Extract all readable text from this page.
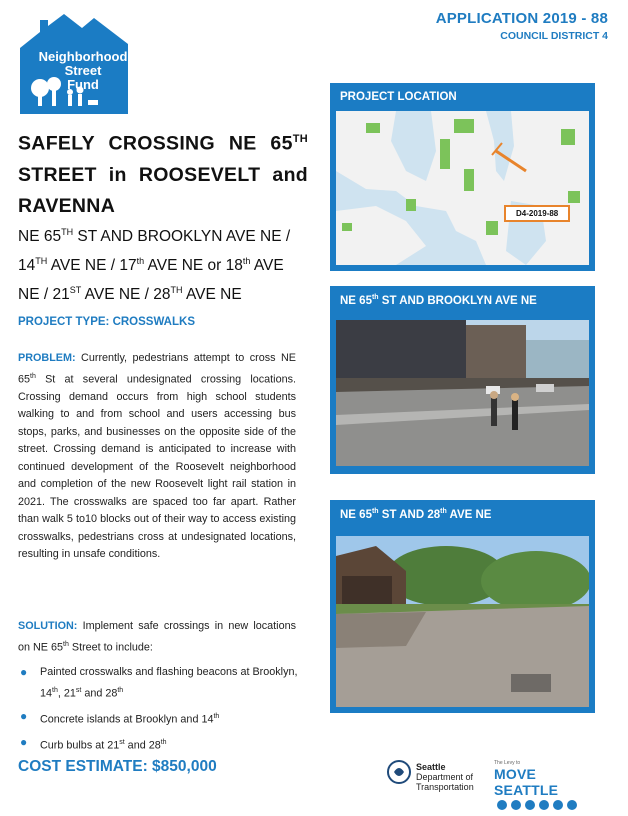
Neighborhood
Street
Fund
APPLICATION 2019 - 88
COUNCIL DISTRICT 4
SAFELY CROSSING NE 65TH STREET in ROOSEVELT and RAVENNA
NE 65TH ST AND BROOKLYN AVE NE / 14TH AVE NE / 17th AVE NE or 18th AVE NE / 21ST AVE NE / 28TH AVE NE
PROJECT TYPE: CROSSWALKS
PROBLEM: Currently, pedestrians attempt to cross NE 65th St at several undesignated crossing locations. Crossing demand occurs from high school students walking to and from school and users accessing bus stops, parks, and businesses on the opposite side of the street. Crossing demand is anticipated to increase with continued development of the Roosevelt neighborhood and completion of the new Roosevelt light rail station in 2021. The crosswalks are spaced too far apart. Rather than walk 5 to10 blocks out of their way to access existing crosswalks, pedestrians cross at undesignated locations, resulting in unsafe conditions.
SOLUTION: Implement safe crossings in new locations on NE 65th Street to include:
● Painted crosswalks and flashing beacons at Brooklyn, 14th, 21st and 28th
● Concrete islands at Brooklyn and 14th
● Curb bulbs at 21st and 28th
COST ESTIMATE: $850,000
PROJECT LOCATION
D4-2019-88
NE 65th ST AND BROOKLYN AVE NE
NE 65th ST AND 28th AVE NE
Seattle
Department of
Transportation
The Levy to
MOVE SEATTLE
